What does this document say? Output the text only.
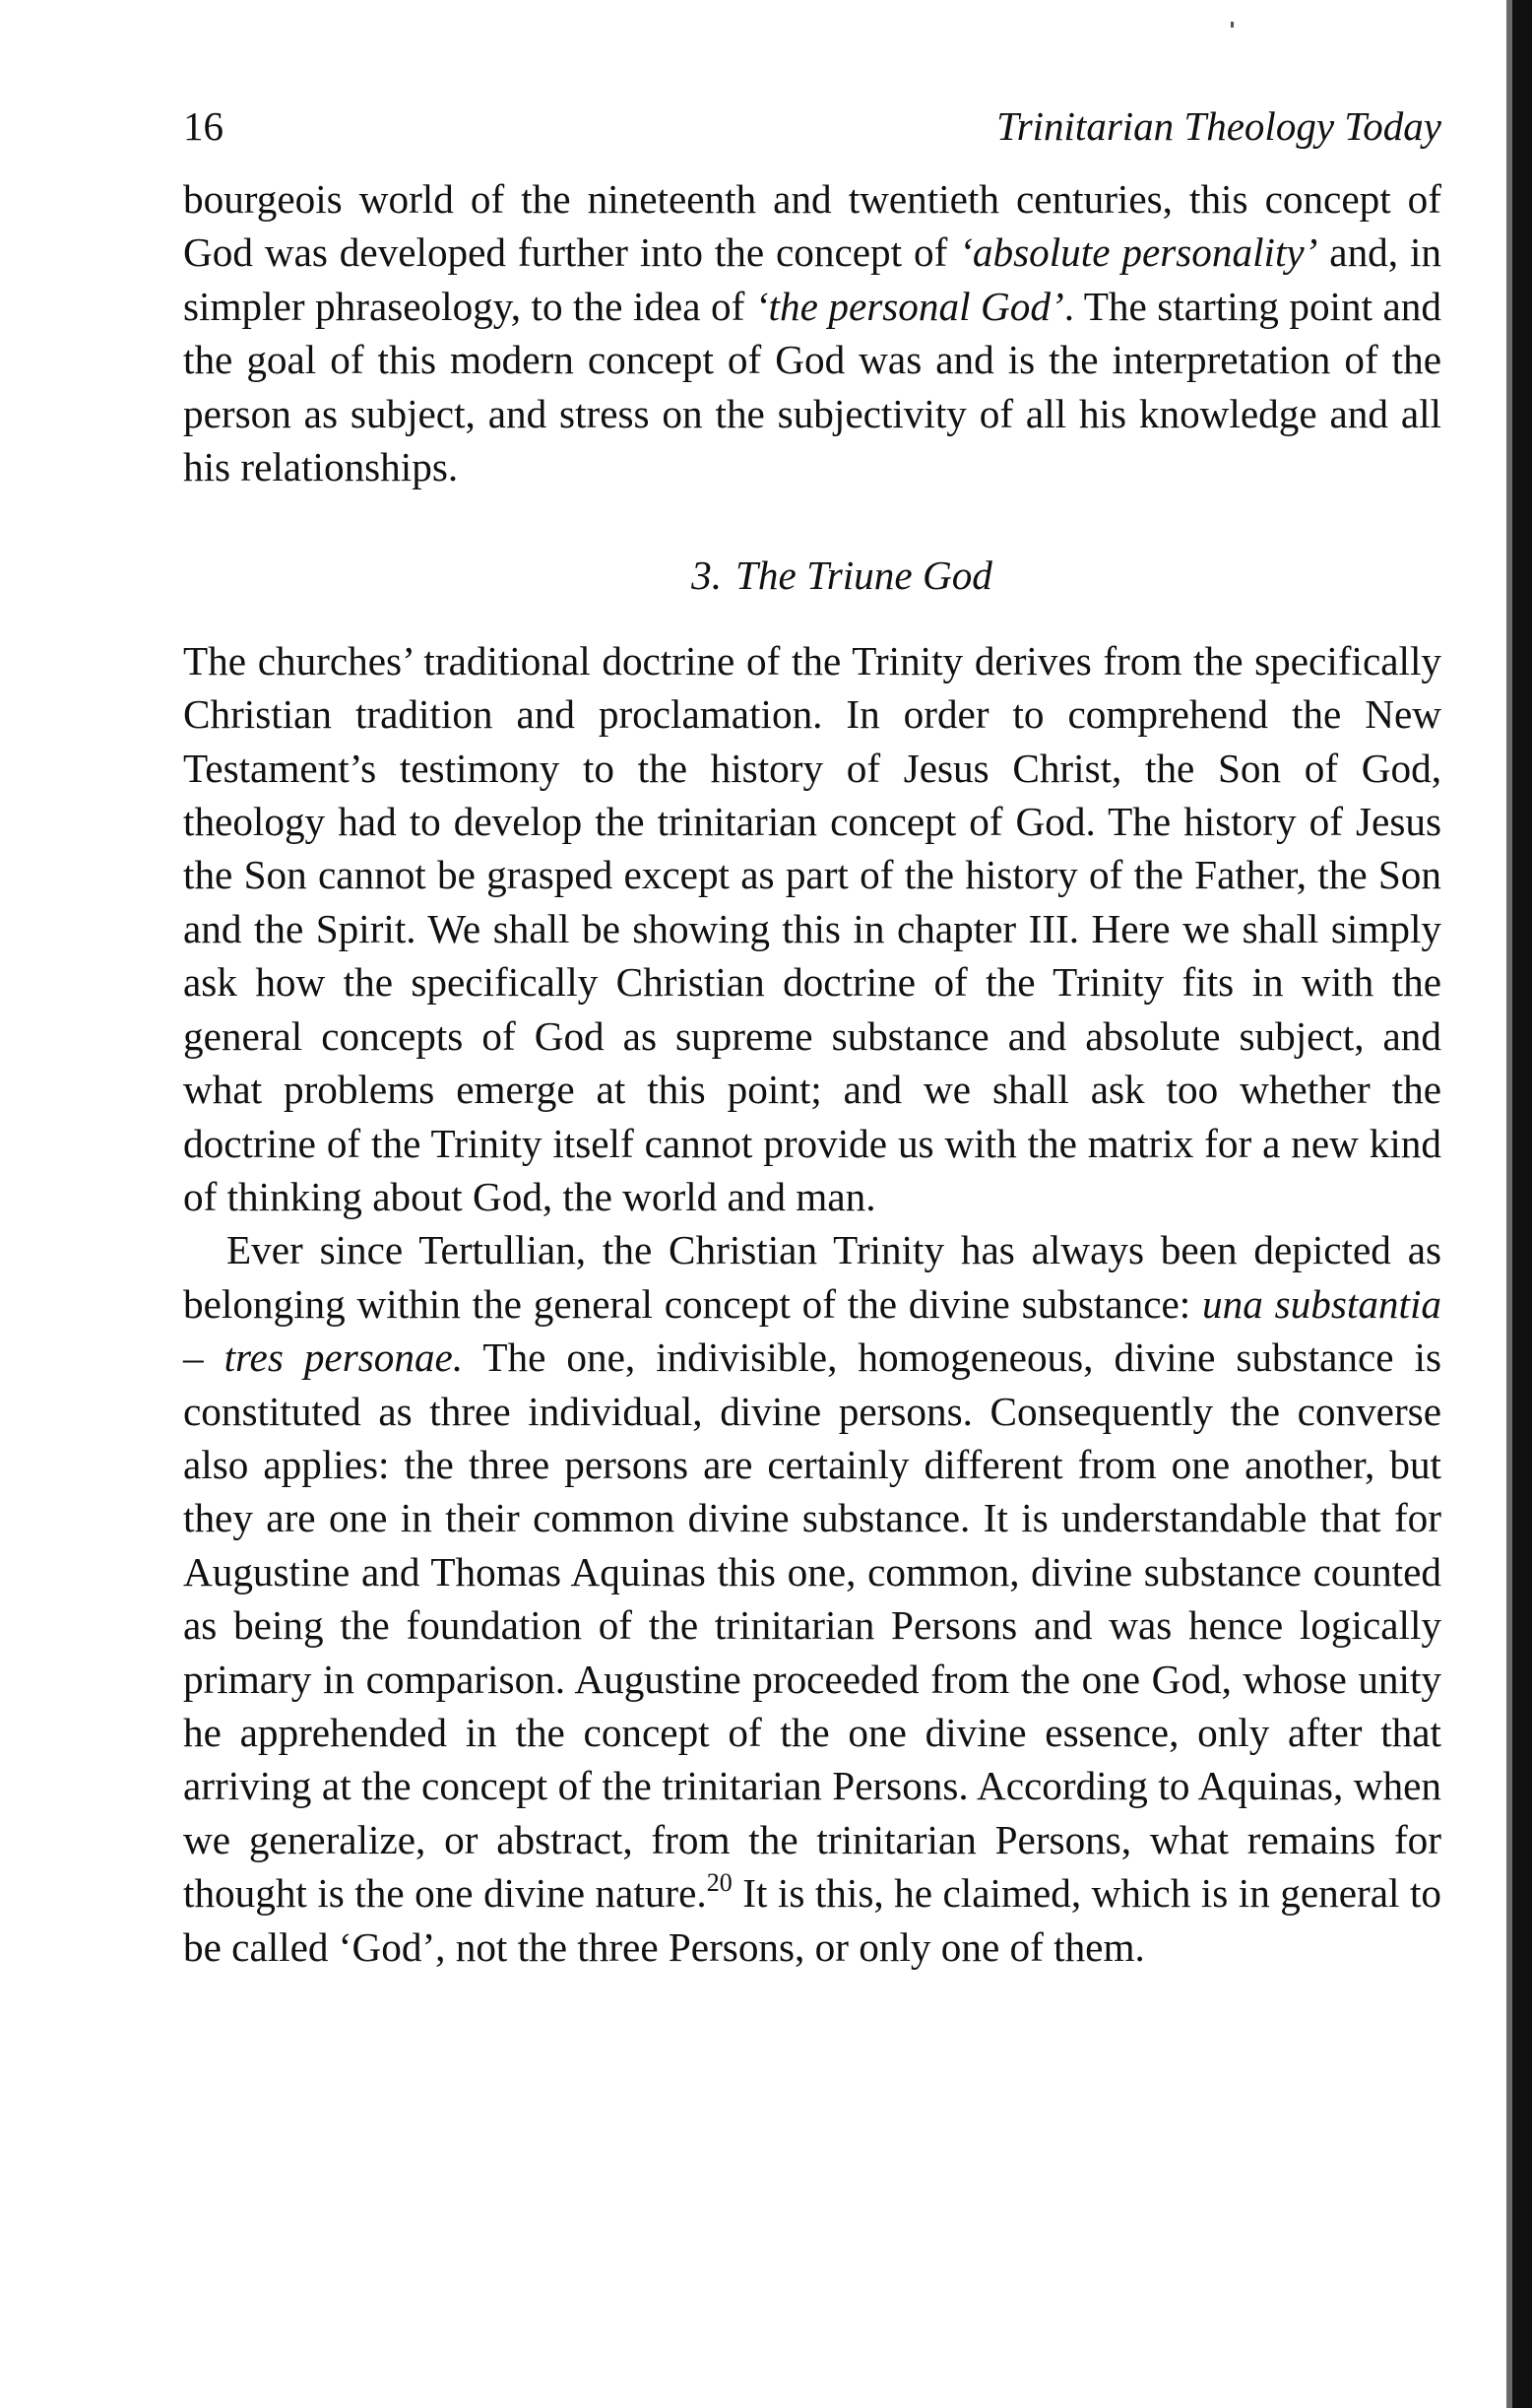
16	Trinitarian Theology Today

bourgeois world of the nineteenth and twentieth centuries, this concept of God was developed further into the concept of ‘absolute personality’ and, in simpler phraseology, to the idea of ‘the personal God’. The starting point and the goal of this modern concept of God was and is the interpretation of the person as subject, and stress on the subjectivity of all his knowledge and all his relationships.

3. The Triune God

The churches’ traditional doctrine of the Trinity derives from the specifically Christian tradition and proclamation. In order to comprehend the New Testament’s testimony to the history of Jesus Christ, the Son of God, theology had to develop the trinitarian concept of God. The history of Jesus the Son cannot be grasped except as part of the history of the Father, the Son and the Spirit. We shall be showing this in chapter III. Here we shall simply ask how the specifically Christian doctrine of the Trinity fits in with the general concepts of God as supreme substance and absolute subject, and what problems emerge at this point; and we shall ask too whether the doctrine of the Trinity itself cannot provide us with the matrix for a new kind of thinking about God, the world and man.

Ever since Tertullian, the Christian Trinity has always been depicted as belonging within the general concept of the divine substance: una substantia – tres personae. The one, indivisible, homogeneous, divine substance is constituted as three individual, divine persons. Consequently the converse also applies: the three persons are certainly different from one another, but they are one in their common divine substance. It is understandable that for Augustine and Thomas Aquinas this one, common, divine substance counted as being the foundation of the trinitarian Persons and was hence logically primary in comparison. Augustine proceeded from the one God, whose unity he apprehended in the concept of the one divine essence, only after that arriving at the concept of the trinitarian Persons. According to Aquinas, when we generalize, or abstract, from the trinitarian Persons, what remains for thought is the one divine nature.$^{20}$ It is this, he claimed, which is in general to be called ‘God’, not the three Persons, or only one of them.
